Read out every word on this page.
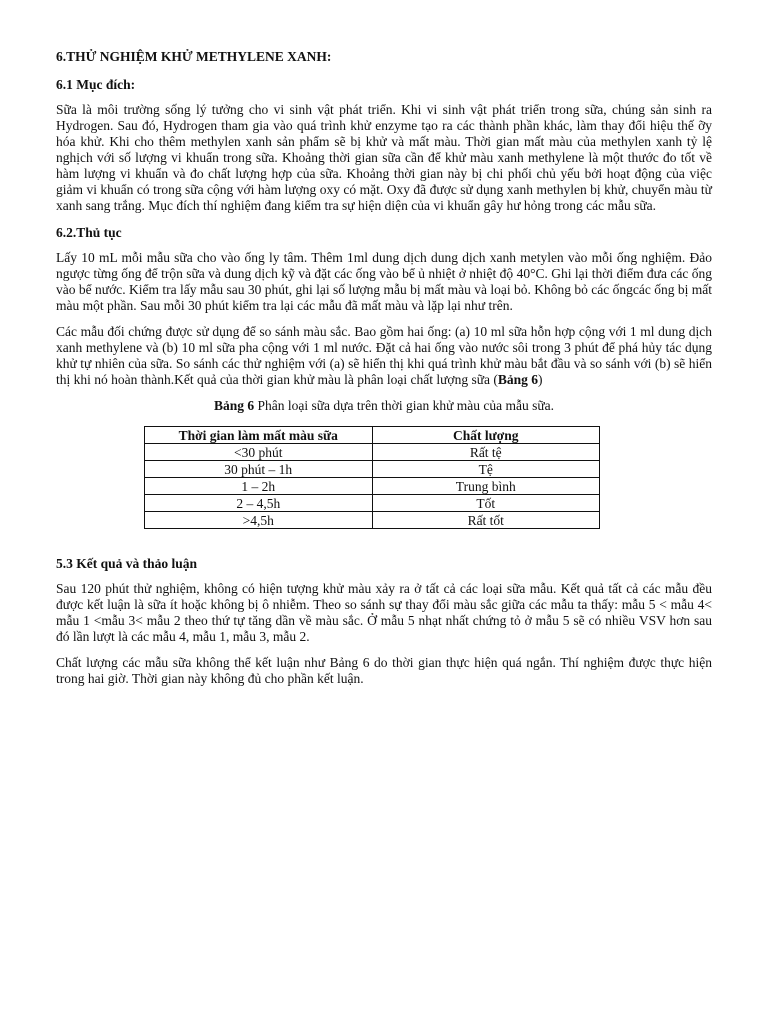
6.THỬ NGHIỆM KHỬ METHYLENE XANH:
6.1 Mục đích:

Sữa là môi trường sống lý tưởng cho vi sinh vật phát triển. Khi vi sinh vật phát triển trong sữa, chúng sản sinh ra Hydrogen. Sau đó, Hydrogen tham gia vào quá trình khử enzyme tạo ra các thành phần khác, làm thay đổi hiệu thế ỡy hóa khử. Khi cho thêm methylen xanh sản phẩm sẽ bị khử và mất màu. Thời gian mất màu của methylen xanh tỷ lệ nghịch với số lượng vi khuẩn trong sữa. Khoảng thời gian sữa cần để khử màu xanh methylene là một thước đo tốt về hàm lượng vi khuẩn và đo chất lượng hợp của sữa. Khoảng thời gian này bị chi phối chủ yếu bởi hoạt động của việc giảm vi khuẩn có trong sữa cộng với hàm lượng oxy có mặt. Oxy đã được sử dụng xanh methylen bị khử, chuyển màu từ xanh sang trắng. Mục đích thí nghiệm đang kiểm tra sự hiện diện của vi khuẩn gây hư hỏng trong các mẫu sữa.

6.2.Thủ tục

Lấy 10 mL mỗi mẫu sữa cho vào ống ly tâm. Thêm 1ml dung dịch dung dịch xanh metylen vào mỗi ống nghiệm. Đảo ngược từng ống để trộn sữa và dung dịch kỹ và đặt các ống vào bể ủ nhiệt ở nhiệt độ 40°C. Ghi lại thời điểm đưa các ống vào bể nước. Kiểm tra lấy mẫu sau 30 phút, ghi lại số lượng mẫu bị mất màu và loại bỏ. Không bỏ các ốngcác ống bị mất màu một phần. Sau mỗi 30 phút kiểm tra lại các mẫu đã mất màu và lặp lại như trên.

Các mẫu đối chứng được sử dụng để so sánh màu sắc. Bao gồm hai ống: (a) 10 ml sữa hỗn hợp cộng với 1 ml dung dịch xanh methylene và (b) 10 ml sữa pha cộng với 1 ml nước. Đặt cả hai ống vào nước sôi trong 3 phút để phá hủy tác dụng khử tự nhiên của sữa. So sánh các thử nghiệm với (a) sẽ hiển thị khi quá trình khử màu bắt đầu và so sánh với (b) sẽ hiển thị khi nó hoàn thành.Kết quả của thời gian khử màu là phân loại chất lượng sữa (Bảng 6)

Bảng 6 Phân loại sữa dựa trên thời gian khử màu của mẫu sữa.
Thời gian làm mất màu sữa	Chất lượng
<30 phút	Rất tệ
30 phút – 1h	Tệ
1 – 2h	Trung bình
2 – 4,5h	Tốt
>4,5h	Rất tốt
5.3 Kết quả và thảo luận

Sau 120 phút thử nghiệm, không có hiện tượng khử màu xảy ra ở tất cả các loại sữa mẫu. Kết quả tất cả các mẫu đều được kết luận là sữa ít hoặc không bị ô nhiễm. Theo so sánh sự thay đổi màu sắc giữa các mẫu ta thấy: mẫu 5 < mẫu 4< mẫu 1 <mẫu 3< mẫu 2 theo thứ tự tăng dần về màu sắc. Ở mẫu 5 nhạt nhất chứng tỏ ở mẫu 5 sẽ có nhiều VSV hơn sau đó lần lượt là các mẫu 4, mẫu 1, mẫu 3, mẫu 2.

Chất lượng các mẫu sữa không thể kết luận như Bảng 6 do thời gian thực hiện quá ngắn. Thí nghiệm được thực hiện trong hai giờ. Thời gian này không đủ cho phần kết luận.
